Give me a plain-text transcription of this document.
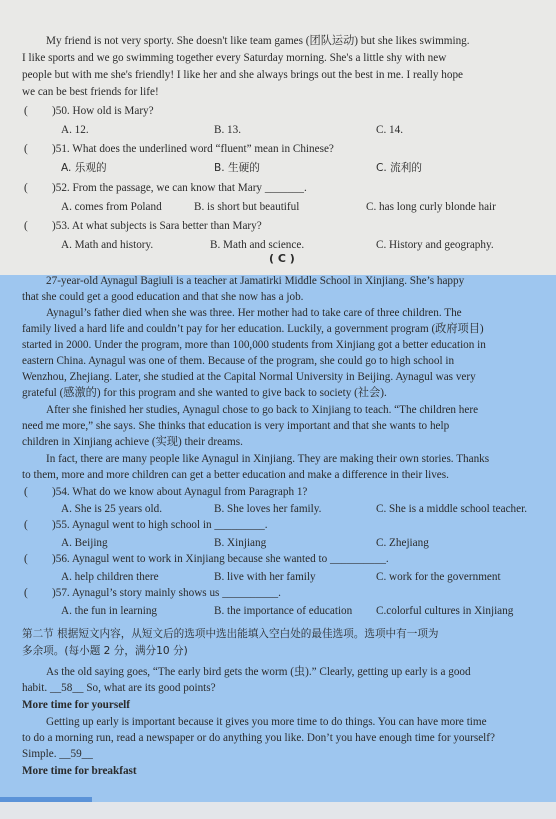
My friend is not very sporty. She doesn't like team games (团队运动) but she likes swimming.
I like sports and we go swimming together every Saturday morning. She's a little shy with new
people but with me she's friendly! I like her and she always brings out the best in me. I really hope
we can be best friends for life!
( )50. How old is Mary?
A. 12.	B. 13.	C. 14.
( )51. What does the underlined word “fluent” mean in Chinese?
A. 乐观的	B. 生硬的	C. 流利的
( )52. From the passage, we can know that Mary _______.
A. comes from Poland	B. is short but beautiful	C. has long curly blonde hair
( )53. At what subjects is Sara better than Mary?
A. Math and history.	B. Math and science.	C. History and geography.
( C )
27-year-old Aynagul Bagiuli is a teacher at Jamatirki Middle School in Xinjiang. She’s happy
that she could get a good education and that she now has a job.
Aynagul’s father died when she was three. Her mother had to take care of three children. The
family lived a hard life and couldn’t pay for her education. Luckily, a government program (政府项目)
started in 2000. Under the program, more than 100,000 students from Xinjiang got a better education in
eastern China. Aynagul was one of them. Because of the program, she could go to high school in
Wenzhou, Zhejiang. Later, she studied at the Capital Normal University in Beijing. Aynagul was very
grateful (感激的) for this program and she wanted to give back to society (社会).
After she finished her studies, Aynagul chose to go back to Xinjiang to teach. “The children here
need me more,” she says. She thinks that education is very important and that she wants to help
children in Xinjiang achieve (实现) their dreams.
In fact, there are many people like Aynagul in Xinjiang. They are making their own stories. Thanks
to them, more and more children can get a better education and make a difference in their lives.
( )54. What do we know about Aynagul from Paragraph 1?
A. She is 25 years old.	B. She loves her family.	C. She is a middle school teacher.
( )55. Aynagul went to high school in _________.
A. Beijing	B. Xinjiang	C. Zhejiang
( )56. Aynagul went to work in Xinjiang because she wanted to __________.
A. help children there	B. live with her family	C. work for the government
( )57. Aynagul’s story mainly shows us __________.
A. the fun in learning	B. the importance of education C.colorful cultures in Xinjiang
第二节 根据短文内容，从短文后的选项中选出能填入空白处的最佳选项。选项中有一项为
多余项。(每小题 2 分，满分10 分)
As the old saying goes, “The early bird gets the worm (虫).” Clearly, getting up early is a good
habit. __58__ So, what are its good points?
More time for yourself
Getting up early is important because it gives you more time to do things. You can have more time
to do a morning run, read a newspaper or do anything you like. Don’t you have enough time for yourself?
Simple. __59__
More time for breakfast
